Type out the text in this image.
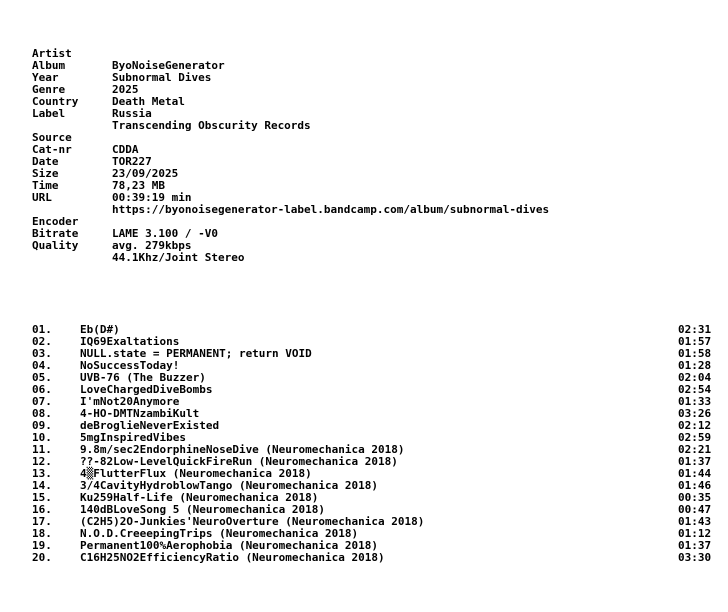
Artist

ByoNoiseGenerator

Album

Subnormal Dives

Year

2025

Genre

Death Metal

Country

Russia

Label

Transcending Obscurity Records

Source

CDDA

Cat-nr

TOR227

Date

23/09/2025

Size

78,23 MB

Time

00:39:19 min

URL

https://byonoisegenerator-label.bandcamp.com/album/subnormal-dives

Encoder

LAME 3.100 / -V0

Bitrate

avg. 279kbps

Quality

44.1Khz/Joint Stereo

01.	Eb(D#)	02:31
02.	IQ69Exaltations	01:57
03.	NULL.state = PERMANENT; return VOID	01:58
04.	NoSuccessToday!	01:28
05.	UVB-76 (The Buzzer)	02:04
06.	LoveChargedDiveBombs	02:54
07.	I'mNot20Anymore	01:33
08.	4-HO-DMTNzambiKult	03:26
09.	deBroglieNeverExisted	02:12
10.	5mgInspiredVibes	02:59
11.	9.8m/sec2EndorphineNoseDive (Neuromechanica 2018)	02:21
12.	??-82Low-LevelQuickFireRun (Neuromechanica 2018)	01:37
13.	4▒FlutterFlux (Neuromechanica 2018)	01:44
14.	3/4CavityHydroblowTango (Neuromechanica 2018)	01:46
15.	Ku259Half-Life (Neuromechanica 2018)	00:35
16.	140dBLoveSong 5 (Neuromechanica 2018)	00:47
17.	(C2H5)2O-Junkies'NeuroOverture (Neuromechanica 2018)	01:43
18.	N.O.D.CreeepingTrips (Neuromechanica 2018)	01:12
19.	Permanent100%Aerophobia (Neuromechanica 2018)	01:37
20.	C16H25NO2EfficiencyRatio (Neuromechanica 2018)	03:30
